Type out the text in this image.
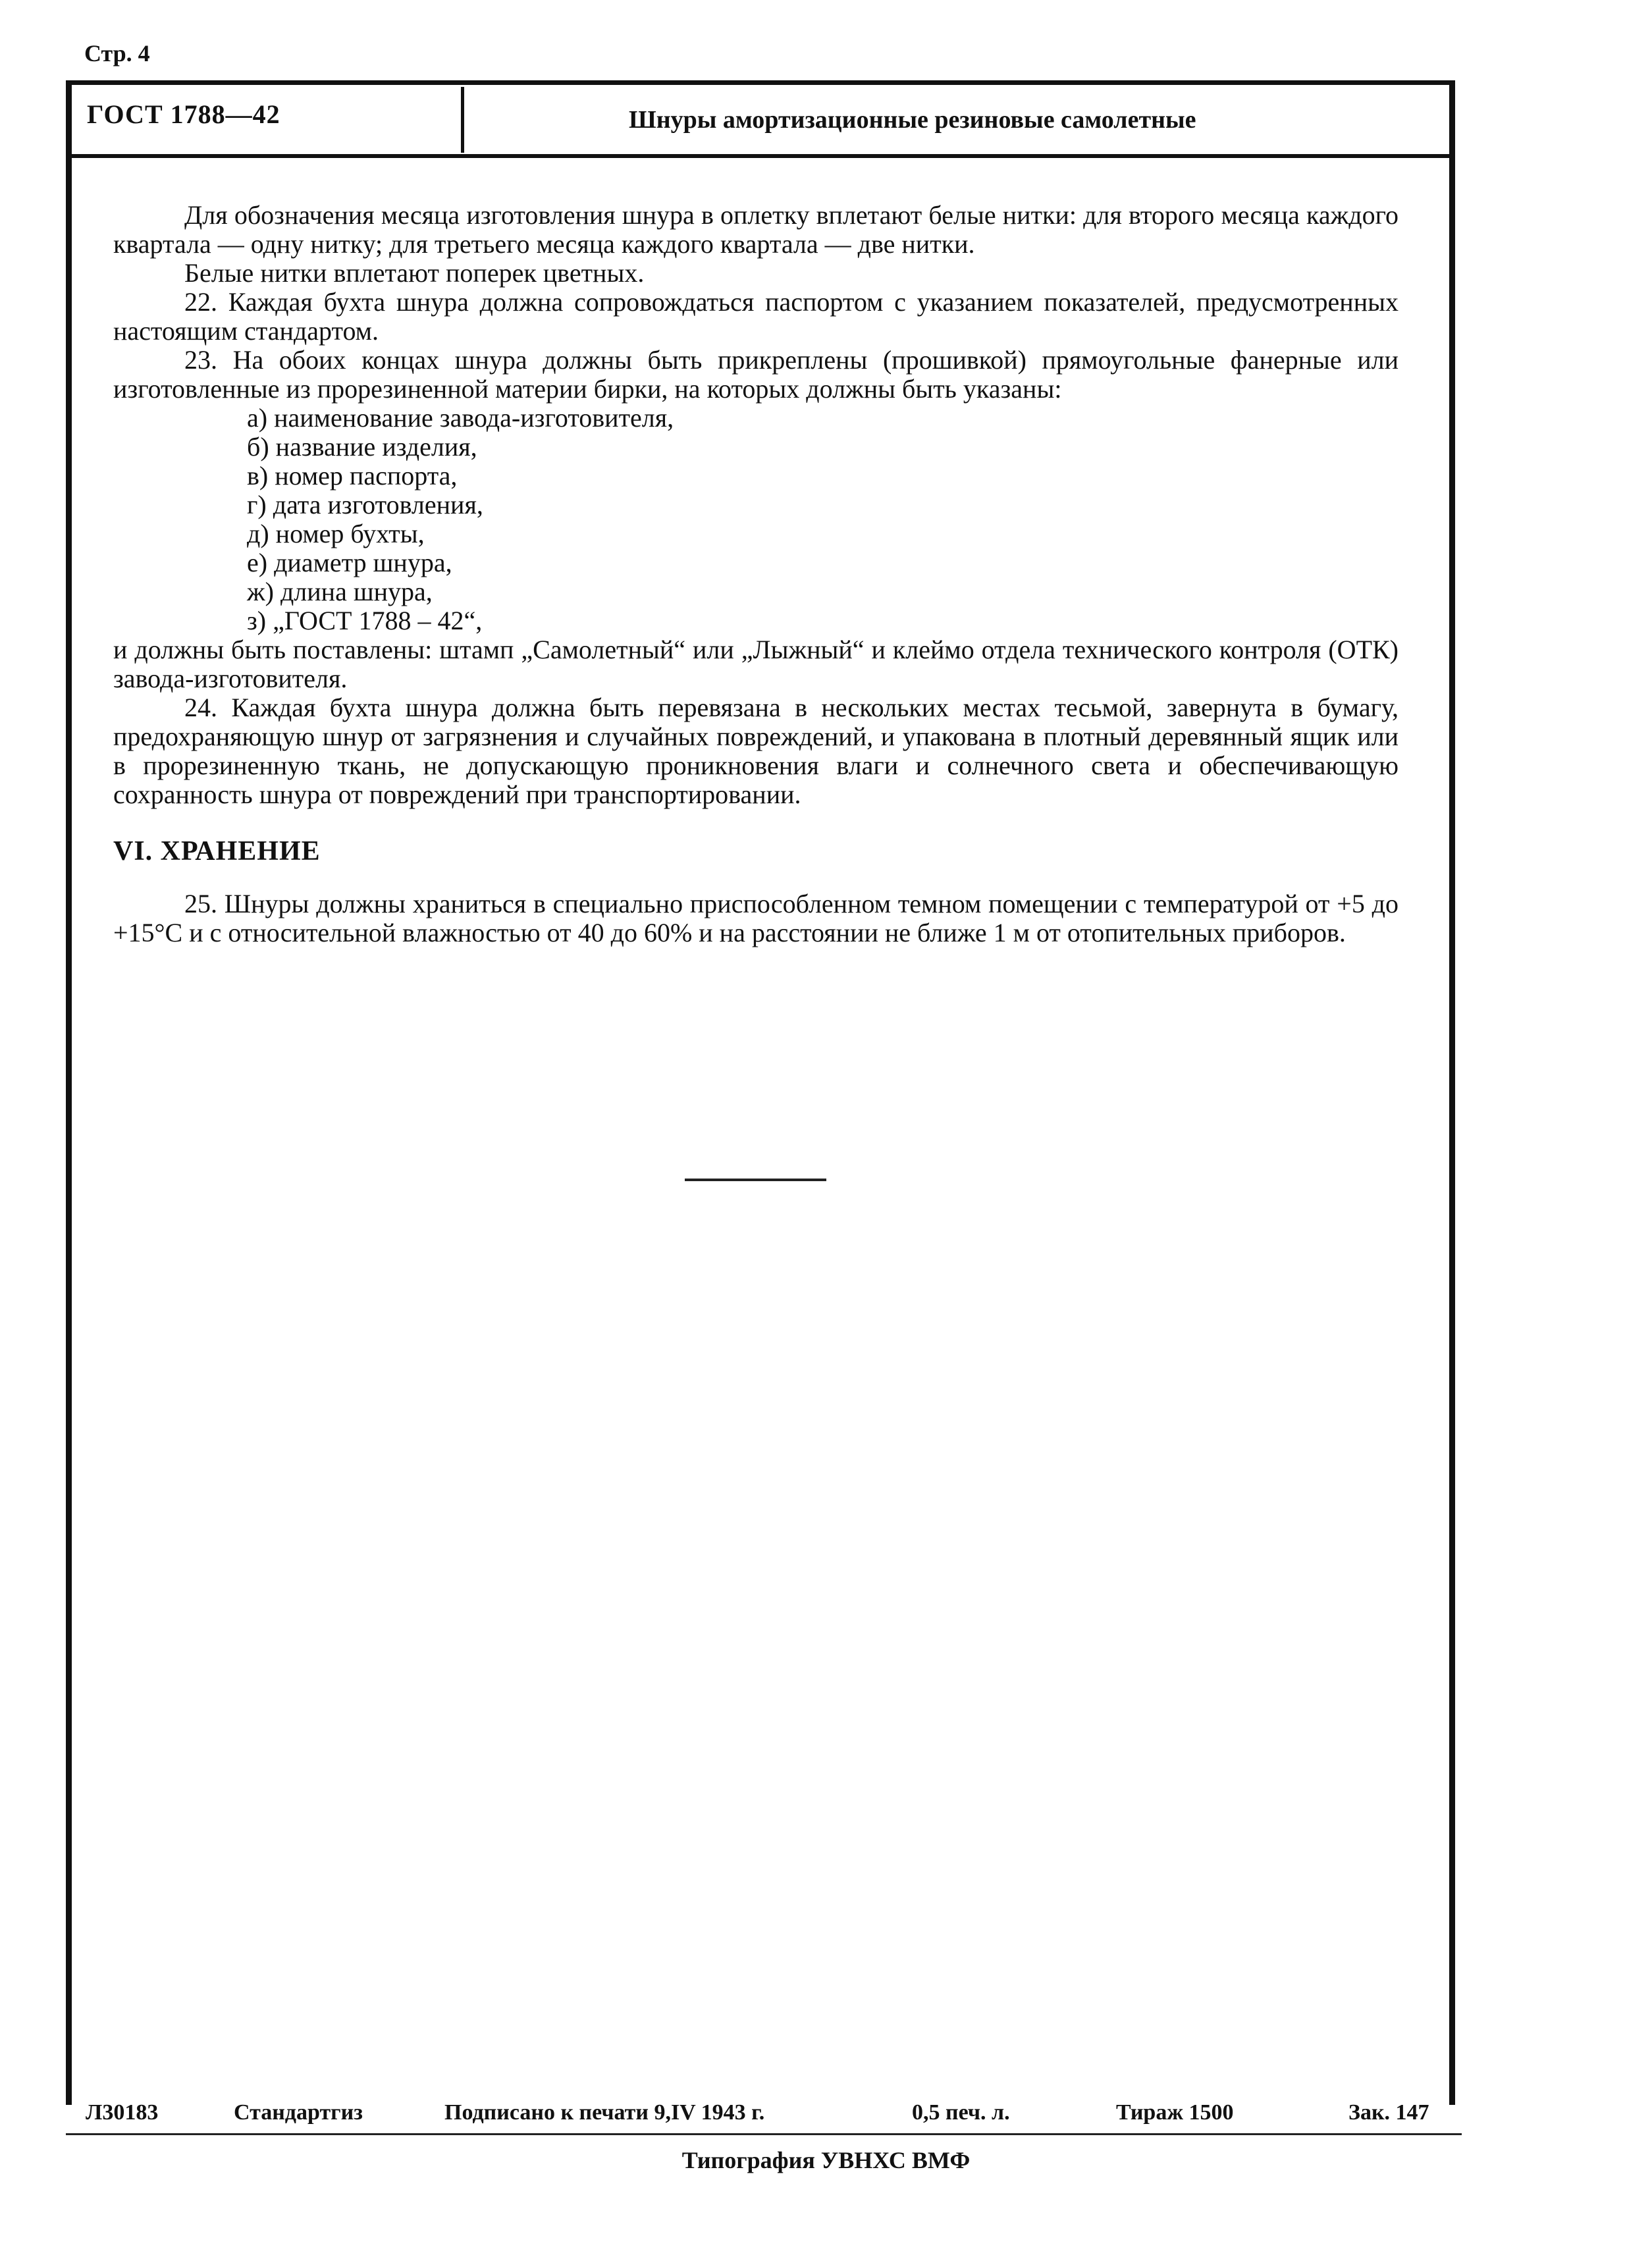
Стр. 4
ГОСТ 1788—42	Шнуры амортизационные резиновые самолетные

Для обозначения месяца изготовления шнура в оплетку вплетают белые нитки: для второго месяца каждого квартала — одну нитку; для третьего месяца каждого квартала — две нитки.

Белые нитки вплетают поперек цветных.

22. Каждая бухта шнура должна сопровождаться паспортом с указанием показателей, предусмотренных настоящим стандартом.

23. На обоих концах шнура должны быть прикреплены (прошивкой) прямоугольные фанерные или изготовленные из прорезиненной материи бирки, на которых должны быть указаны:

а) наименование завода-изготовителя,
б) название изделия,
в) номер паспорта,
г) дата изготовления,
д) номер бухты,
е) диаметр шнура,
ж) длина шнура,
з) „ГОСТ 1788 – 42“,

и должны быть поставлены: штамп „Самолетный“ или „Лыжный“ и клеймо отдела технического контроля (ОТК) завода-изготовителя.

24. Каждая бухта шнура должна быть перевязана в нескольких местах тесьмой, завернута в бумагу, предохраняющую шнур от загрязнения и случайных повреждений, и упакована в плотный деревянный ящик или в прорезиненную ткань, не допускающую проникновения влаги и солнечного света и обеспечивающую сохранность шнура от повреждений при транспортировании.

VI. ХРАНЕНИЕ

25. Шнуры должны храниться в специально приспособленном темном помещении с температурой от +5 до +15°С и с относительной влажностью от 40 до 60% и на расстоянии не ближе 1 м от отопительных приборов.

Л30183	Стандартгиз	Подписано к печати 9,IV 1943 г.	0,5 печ. л.	Тираж 1500	Зак. 147
Типография УВНХС ВМФ
